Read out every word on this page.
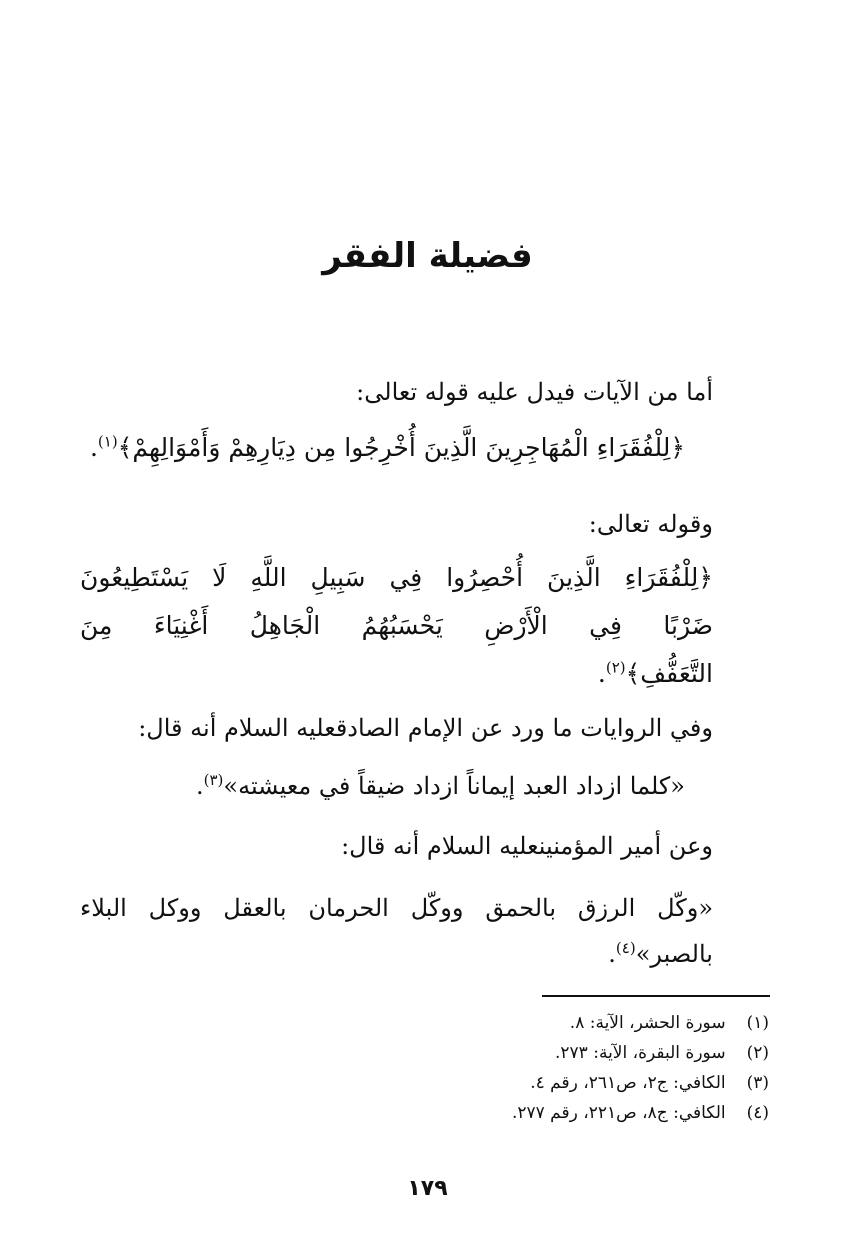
فضيلة الفقر
أما من الآيات فيدل عليه قوله تعالى:
﴿لِلْفُقَرَاءِ الْمُهَاجِرِينَ الَّذِينَ أُخْرِجُوا مِن دِيَارِهِمْ وَأَمْوَالِهِمْ﴾$^{(١)}$.
وقوله تعالى:
﴿لِلْفُقَرَاءِ الَّذِينَ أُحْصِرُوا فِي سَبِيلِ اللَّهِ لَا يَسْتَطِيعُونَ
ضَرْبًا فِي الْأَرْضِ يَحْسَبُهُمُ الْجَاهِلُ أَغْنِيَاءَ مِنَ
التَّعَفُّفِ﴾$^{(٢)}$.
وفي الروايات ما ورد عن الإمام الصادقعليه السلام أنه قال:
«كلما ازداد العبد إيماناً ازداد ضيقاً في معيشته»$^{(٣)}$.
وعن أمير المؤمنينعليه السلام أنه قال:
«وكّل الرزق بالحمق ووكّل الحرمان بالعقل ووكل البلاء
بالصبر»$^{(٤)}$.
(١) سورة الحشر، الآية: ٨.
(٢) سورة البقرة، الآية: ٢٧٣.
(٣) الكافي: ج٢، ص٢٦١، رقم ٤.
(٤) الكافي: ج٨، ص٢٢١، رقم ٢٧٧.
١٧٩
